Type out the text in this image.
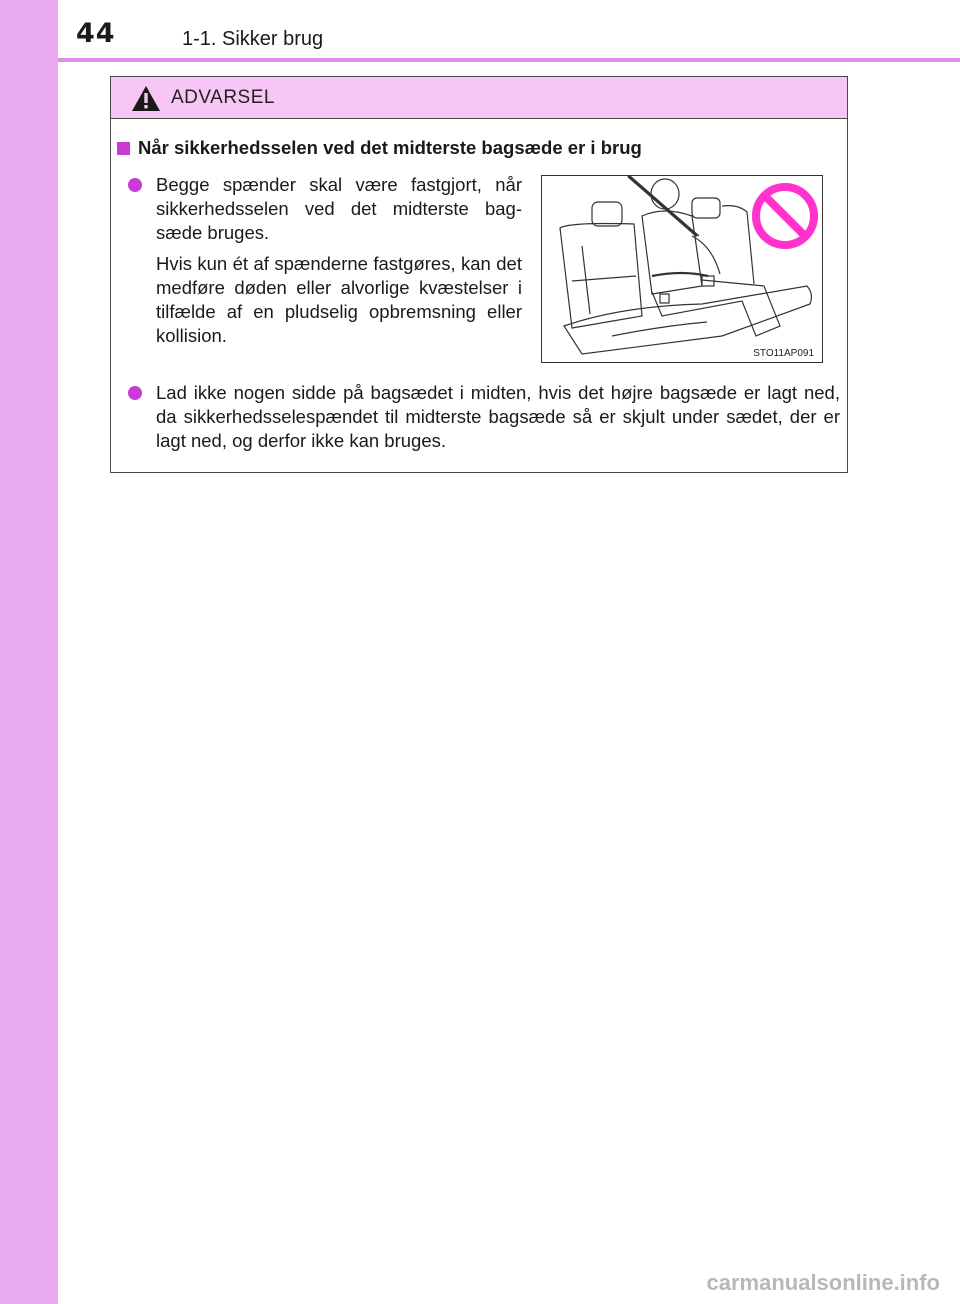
44	1-1. Sikker brug
ADVARSEL
Når sikkerhedsselen ved det midterste bagsæde er i brug
Begge spænder skal være fastgjort, når sikkerhedsselen ved det midterste bag-sæde bruges.
Hvis kun ét af spænderne fastgøres, kan det medføre døden eller alvorlige kvæstelser i tilfælde af en pludselig opbremsning eller kollision.
STO11AP091
Lad ikke nogen sidde på bagsædet i midten, hvis det højre bagsæde er lagt ned, da sikkerhedsselespændet til midterste bagsæde så er skjult under sædet, der er lagt ned, og derfor ikke kan bruges.
carmanualsonline.info
